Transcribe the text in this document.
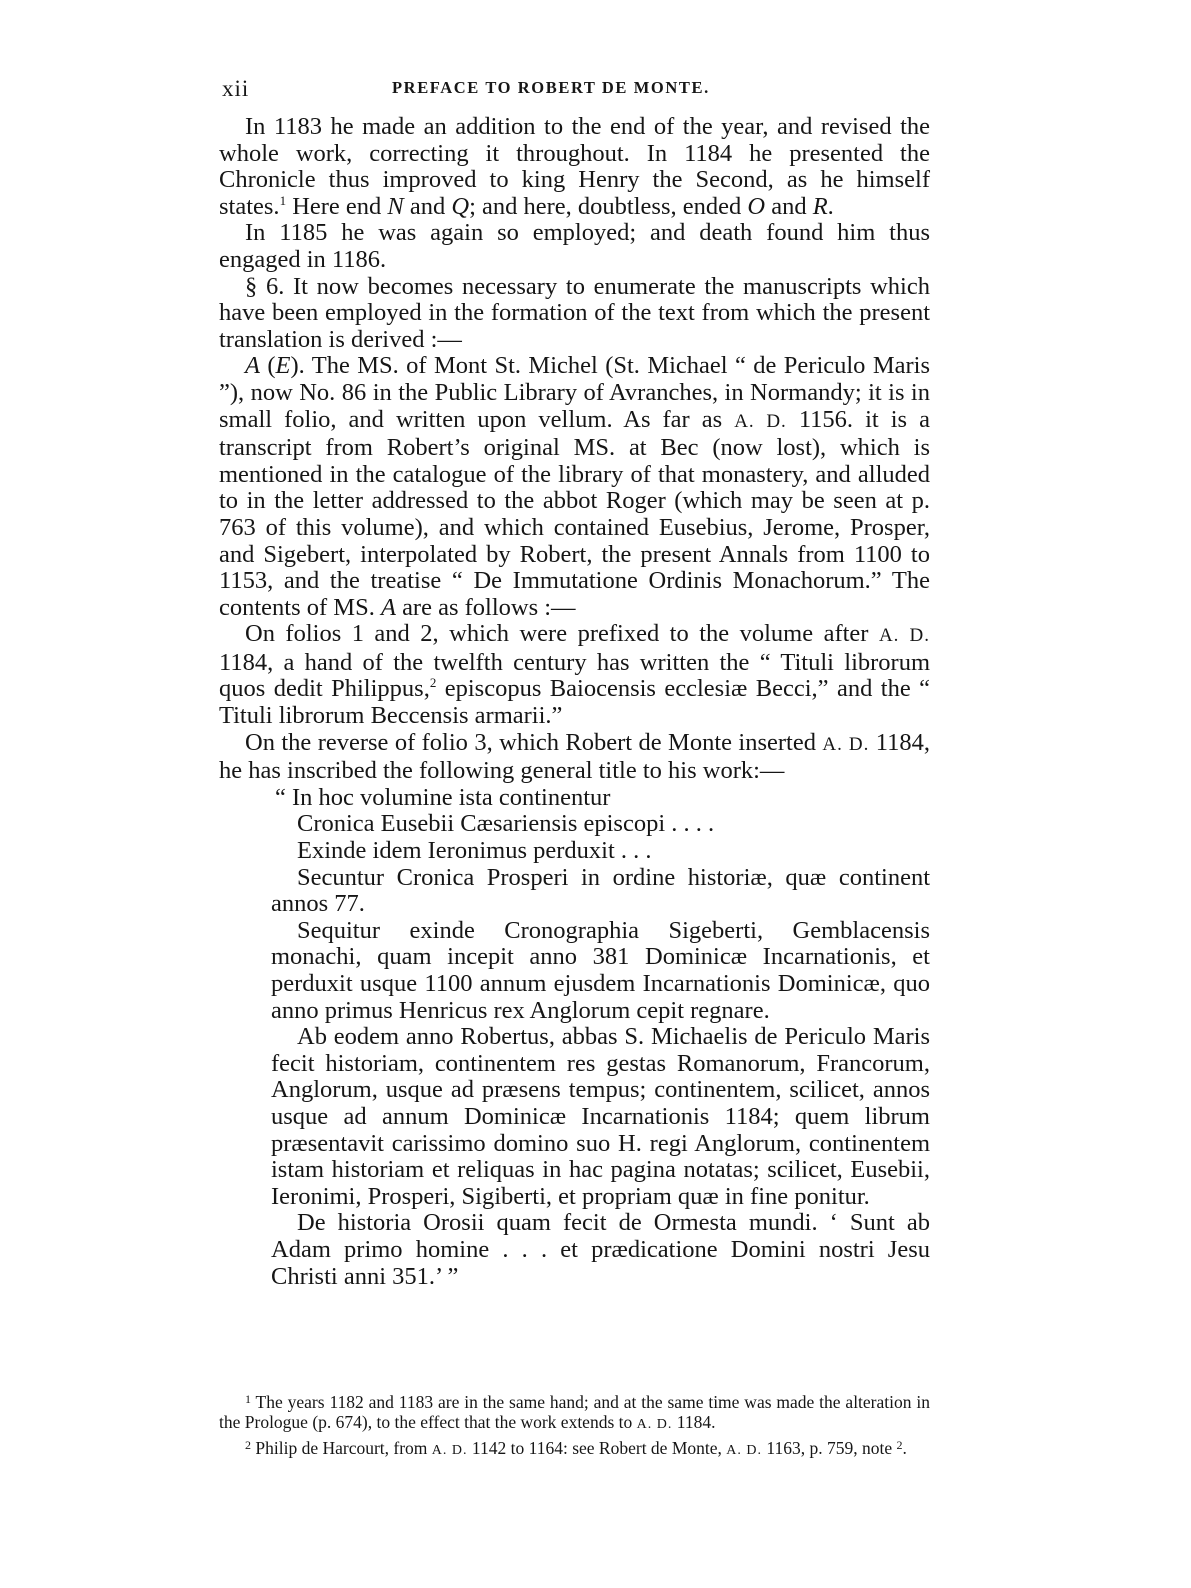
xii	PREFACE TO ROBERT DE MONTE.

In 1183 he made an addition to the end of the year, and revised the whole work, correcting it throughout. In 1184 he presented the Chronicle thus improved to king Henry the Second, as he himself states.$^1$ Here end N and Q; and here, doubtless, ended O and R.

In 1185 he was again so employed; and death found him thus engaged in 1186.

§ 6. It now becomes necessary to enumerate the manuscripts which have been employed in the formation of the text from which the present translation is derived :—

A (E). The MS. of Mont St. Michel (St. Michael “ de Periculo Maris ”), now No. 86 in the Public Library of Avranches, in Normandy; it is in small folio, and written upon vellum. As far as A. D. 1156. it is a transcript from Robert’s original MS. at Bec (now lost), which is mentioned in the catalogue of the library of that monastery, and alluded to in the letter addressed to the abbot Roger (which may be seen at p. 763 of this volume), and which contained Eusebius, Jerome, Prosper, and Sigebert, interpolated by Robert, the present Annals from 1100 to 1153, and the treatise “ De Immutatione Ordinis Monachorum.” The contents of MS. A are as follows :—

On folios 1 and 2, which were prefixed to the volume after A. D. 1184, a hand of the twelfth century has written the “ Tituli librorum quos dedit Philippus,$^2$ episcopus Baiocensis ecclesiæ Becci,” and the “ Tituli librorum Beccensis armarii.”

On the reverse of folio 3, which Robert de Monte inserted A. D. 1184, he has inscribed the following general title to his work:—

“ In hoc volumine ista continentur

Cronica Eusebii Cæsariensis episcopi . . . .

Exinde idem Ieronimus perduxit . . .

Secuntur Cronica Prosperi in ordine historiæ, quæ continent annos 77.

Sequitur exinde Cronographia Sigeberti, Gemblacensis monachi, quam incepit anno 381 Dominicæ Incarnationis, et perduxit usque 1100 annum ejusdem Incarnationis Dominicæ, quo anno primus Henricus rex Anglorum cepit regnare.

Ab eodem anno Robertus, abbas S. Michaelis de Periculo Maris fecit historiam, continentem res gestas Romanorum, Francorum, Anglorum, usque ad præsens tempus; continentem, scilicet, annos usque ad annum Dominicæ Incarnationis 1184; quem librum præsentavit carissimo domino suo H. regi Anglorum, continentem istam historiam et reliquas in hac pagina notatas; scilicet, Eusebii, Ieronimi, Prosperi, Sigiberti, et propriam quæ in fine ponitur.

De historia Orosii quam fecit de Ormesta mundi. ‘ Sunt ab Adam primo homine . . . et prædicatione Domini nostri Jesu Christi anni 351.’ ”

$^1$ The years 1182 and 1183 are in the same hand; and at the same time was made the alteration in the Prologue (p. 674), to the effect that the work extends to A. D. 1184.

$^2$ Philip de Harcourt, from A. D. 1142 to 1164: see Robert de Monte, A. D. 1163, p. 759, note $^2$.
